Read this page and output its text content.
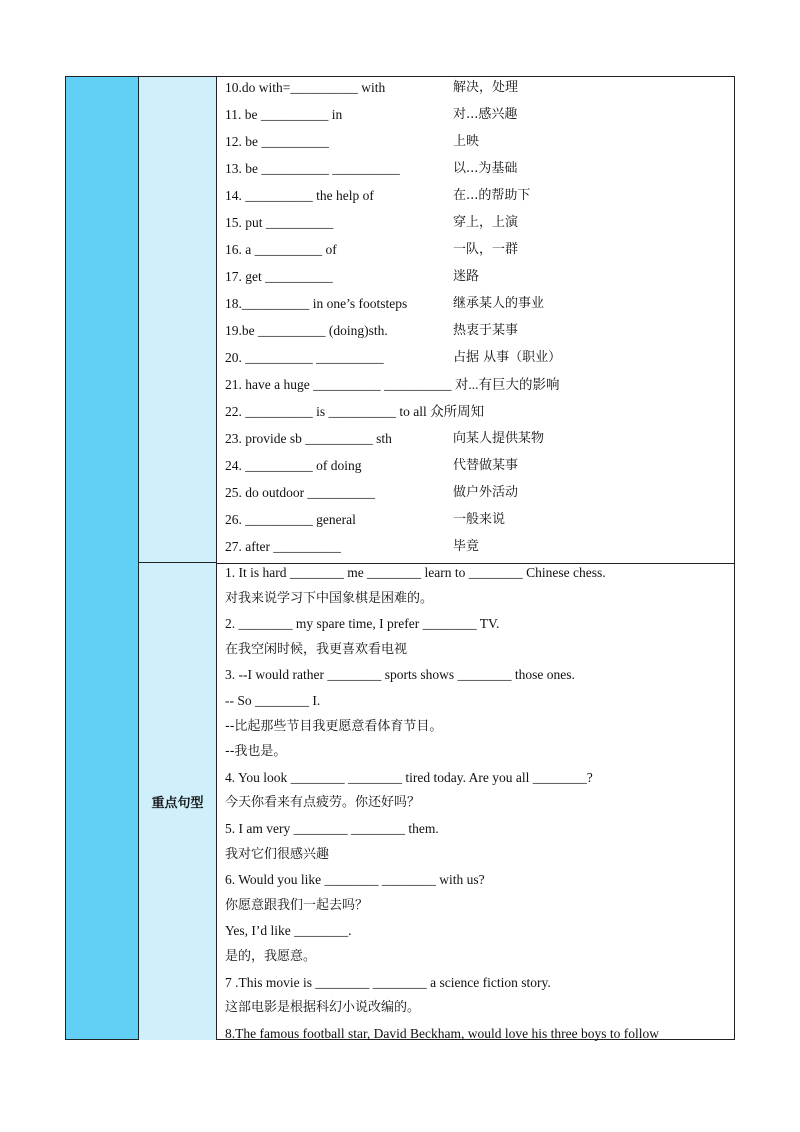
重点句型
10.do with=__________ with	解决，处理
11. be __________ in	对...感兴趣
12. be __________	上映
13. be __________ __________	以...为基础
14. __________ the help of	在...的帮助下
15. put __________	穿上，上演
16. a __________ of	一队，一群
17. get __________	迷路
18.__________ in one’s footsteps	继承某人的事业
19.be __________ (doing)sth.	热衷于某事
20. __________ __________	占据 从事（职业）
21. have a huge __________ __________ 对...有巨大的影响
22. __________ is __________ to all 众所周知
23. provide sb __________ sth	向某人提供某物
24. __________ of doing	代替做某事
25. do outdoor __________	做户外活动
26. __________ general	一般来说
27. after __________	毕竟
1. It is hard ________ me ________ learn to ________ Chinese chess.
对我来说学习下中国象棋是困难的。
2. ________ my spare time, I prefer ________ TV.
在我空闲时候，我更喜欢看电视
3. --I would rather ________ sports shows ________ those ones.
-- So ________ I.
--比起那些节目我更愿意看体育节目。
--我也是。
4. You look ________ ________ tired today. Are you all ________?
今天你看来有点疲劳。你还好吗？
5. I am very ________ ________ them.
我对它们很感兴趣
6. Would you like ________ ________ with us?
你愿意跟我们一起去吗？
Yes, I’d like ________.
是的，我愿意。
7 .This movie is ________ ________ a science fiction story.
这部电影是根据科幻小说改编的。
8.The famous football star, David Beckham, would love his three boys to follow
